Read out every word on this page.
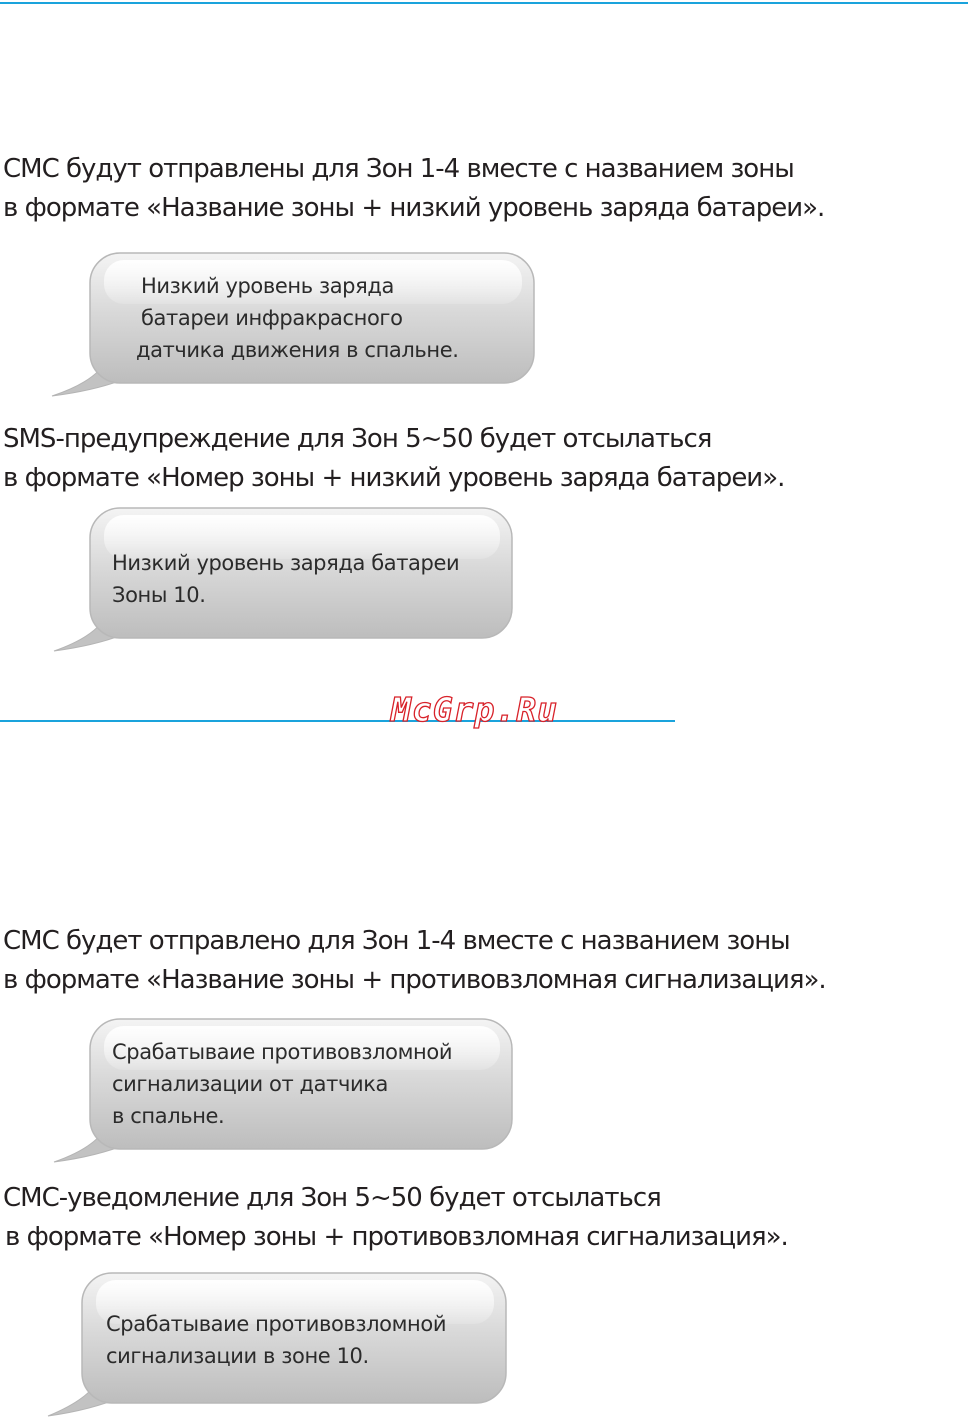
СМС будут отправлены для Зон 1-4 вместе с названием зоны
в формате «Название зоны + низкий уровень заряда батареи».

Низкий уровень заряда
батареи инфракрасного
датчика движения в спальне.

SMS-предупреждение для Зон 5~50 будет отсылаться
в формате «Номер зоны + низкий уровень заряда батареи».

Низкий уровень заряда батареи
Зоны 10.
McGrp.Ru

СМС будет отправлено для Зон 1-4 вместе с названием зоны
в формате «Название зоны + противовзломная сигнализация».

Срабатываие противовзломной
сигнализации от датчика
в спальне.

СМС-уведомление для Зон 5~50 будет отсылаться
в формате «Номер зоны + противовзломная сигнализация».

Срабатываие противовзломной
сигнализации в зоне 10.
